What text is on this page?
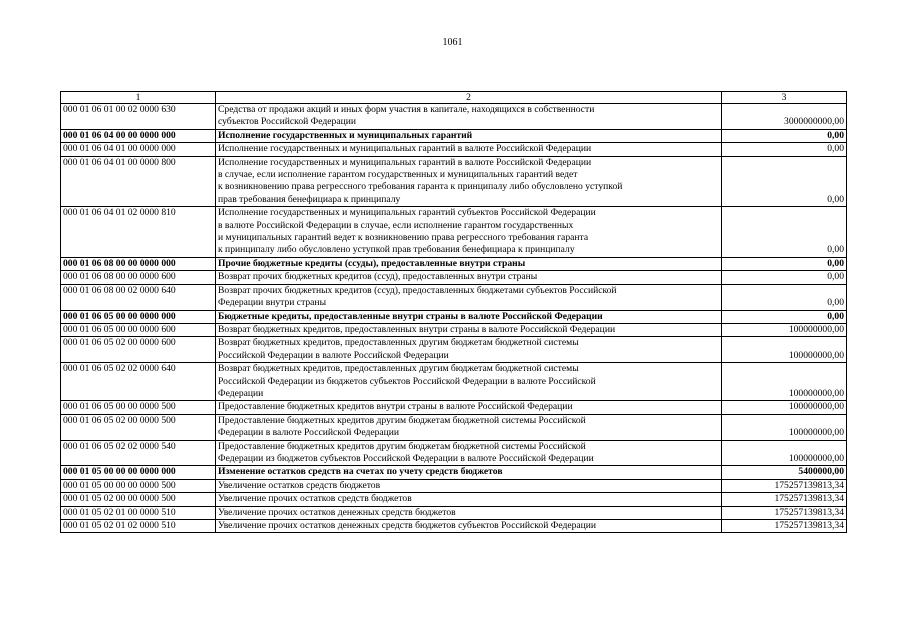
1061
1	2	3
000 01 06 01 00 02 0000 630	Средства от продажи акций и иных форм участия в капитале, находящихся в собственности
субъектов Российской Федерации	3000000000,00
000 01 06 04 00 00 0000 000	Исполнение государственных и муниципальных гарантий	0,00
000 01 06 04 01 00 0000 000	Исполнение государственных и муниципальных гарантий в валюте Российской Федерации	0,00
000 01 06 04 01 00 0000 800	Исполнение государственных и муниципальных гарантий в валюте Российской Федерации
в случае, если исполнение гарантом государственных и муниципальных гарантий ведет
к возникновению права регрессного требования гаранта к принципалу либо обусловлено уступкой
прав требования бенефициара к принципалу	0,00
000 01 06 04 01 02 0000 810	Исполнение государственных и муниципальных гарантий субъектов Российской Федерации
в валюте Российской Федерации в случае, если исполнение гарантом государственных
и муниципальных гарантий ведет к возникновению права регрессного требования гаранта
к принципалу либо обусловлено уступкой прав требования бенефициара к принципалу	0,00
000 01 06 08 00 00 0000 000	Прочие бюджетные кредиты (ссуды), предоставленные внутри страны	0,00
000 01 06 08 00 00 0000 600	Возврат прочих бюджетных кредитов (ссуд), предоставленных внутри страны	0,00
000 01 06 08 00 02 0000 640	Возврат прочих бюджетных кредитов (ссуд), предоставленных бюджетами субъектов Российской
Федерации внутри страны	0,00
000 01 06 05 00 00 0000 000	Бюджетные кредиты, предоставленные внутри страны в валюте Российской Федерации	0,00
000 01 06 05 00 00 0000 600	Возврат бюджетных кредитов, предоставленных внутри страны в валюте Российской Федерации	100000000,00
000 01 06 05 02 00 0000 600	Возврат бюджетных кредитов, предоставленных другим бюджетам бюджетной системы
Российской Федерации в валюте Российской Федерации	100000000,00
000 01 06 05 02 02 0000 640	Возврат бюджетных кредитов, предоставленных другим бюджетам бюджетной системы
Российской Федерации из бюджетов субъектов Российской Федерации в валюте Российской
Федерации	100000000,00
000 01 06 05 00 00 0000 500	Предоставление бюджетных кредитов внутри страны в валюте Российской Федерации	100000000,00
000 01 06 05 02 00 0000 500	Предоставление бюджетных кредитов другим бюджетам бюджетной системы Российской
Федерации в валюте Российской Федерации	100000000,00
000 01 06 05 02 02 0000 540	Предоставление бюджетных кредитов другим бюджетам бюджетной системы Российской
Федерации из бюджетов субъектов Российской Федерации в валюте Российской Федерации	100000000,00
000 01 05 00 00 00 0000 000	Изменение остатков средств на счетах по учету средств бюджетов	5400000,00
000 01 05 00 00 00 0000 500	Увеличение остатков средств бюджетов	175257139813,34
000 01 05 02 00 00 0000 500	Увеличение прочих остатков средств бюджетов	175257139813,34
000 01 05 02 01 00 0000 510	Увеличение прочих остатков денежных средств бюджетов	175257139813,34
000 01 05 02 01 02 0000 510	Увеличение прочих остатков денежных средств бюджетов субъектов Российской Федерации	175257139813,34
